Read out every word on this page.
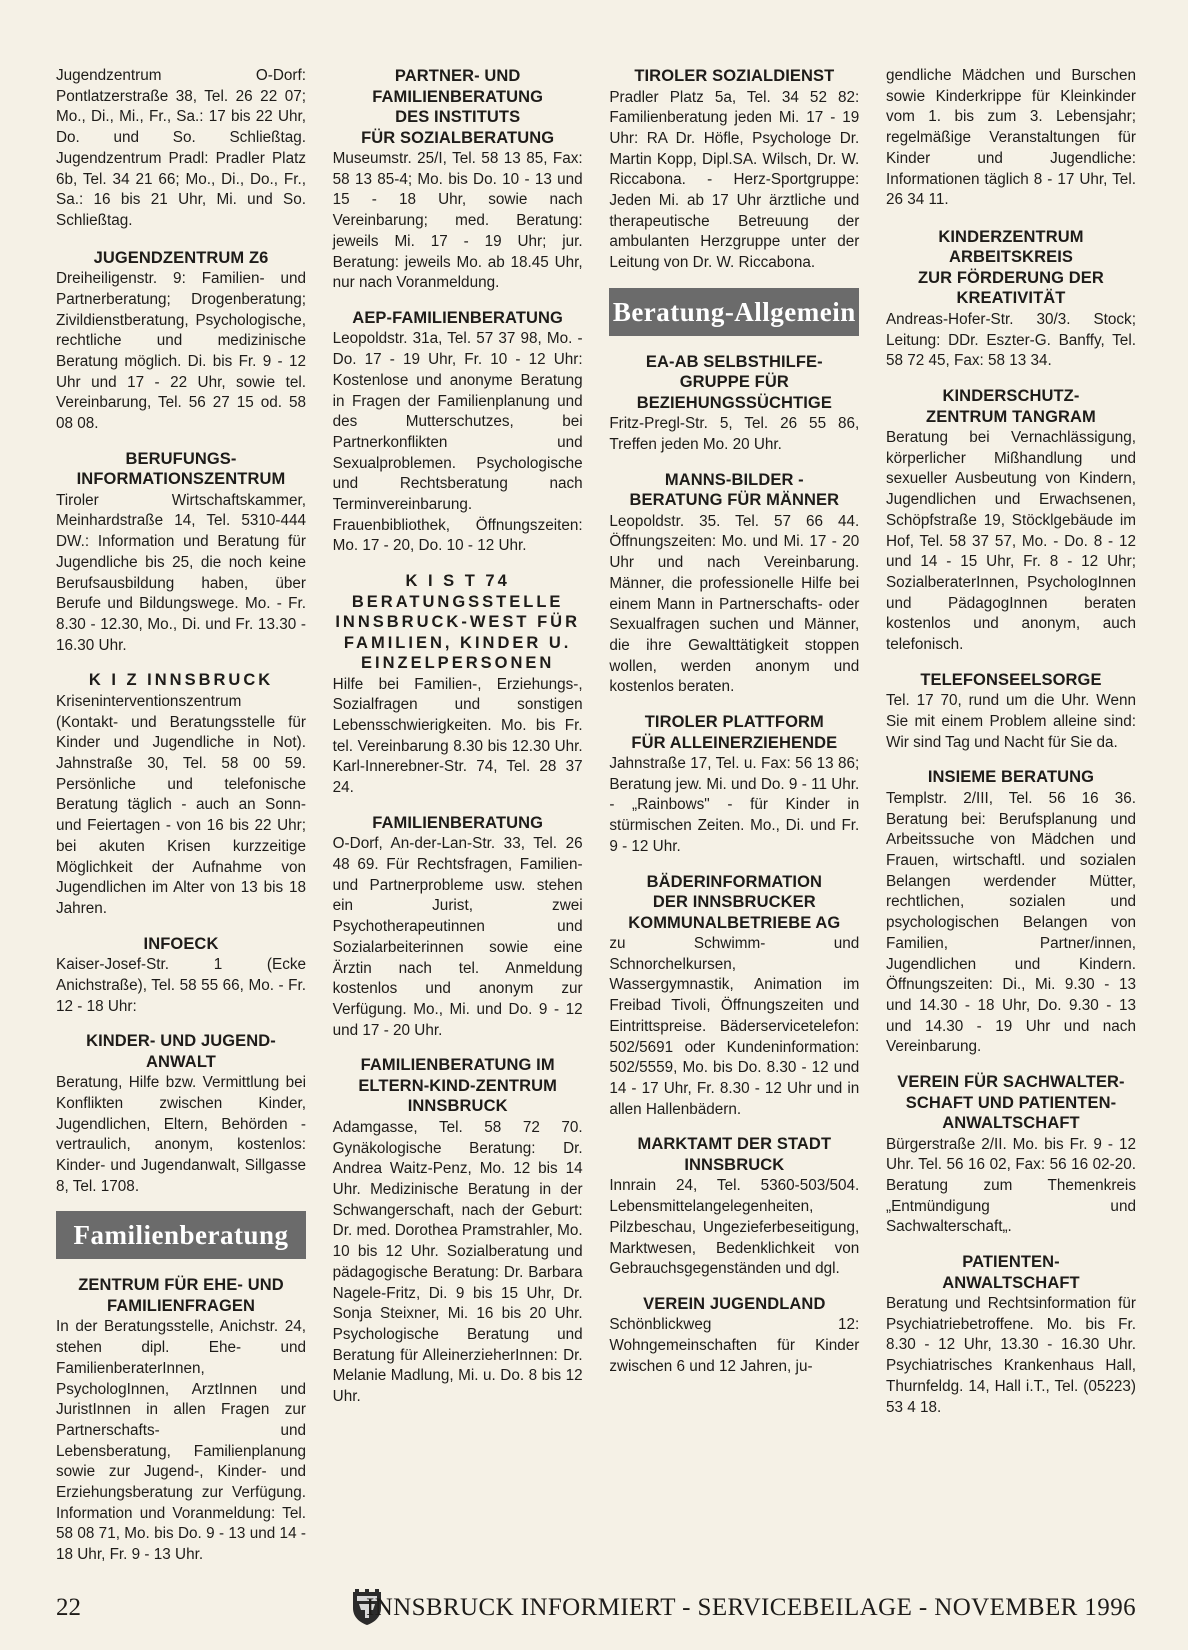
Jugendzentrum O-Dorf: Pontlatzerstraße 38, Tel. 26 22 07; Mo., Di., Mi., Fr., Sa.: 17 bis 22 Uhr, Do. und So. Schließtag. Jugendzentrum Pradl: Pradler Platz 6b, Tel. 34 21 66; Mo., Di., Do., Fr., Sa.: 16 bis 21 Uhr, Mi. und So. Schließtag.

JUGENDZENTRUM Z6

Dreiheiligenstr. 9: Familien- und Partnerberatung; Drogenberatung; Zivildienstberatung, Psychologische, rechtliche und medizinische Beratung möglich. Di. bis Fr. 9 - 12 Uhr und 17 - 22 Uhr, sowie tel. Vereinbarung, Tel. 56 27 15 od. 58 08 08.

BERUFUNGS-
INFORMATIONSZENTRUM

Tiroler Wirtschaftskammer, Meinhardstraße 14, Tel. 5310-444 DW.: Information und Beratung für Jugendliche bis 25, die noch keine Berufsausbildung haben, über Berufe und Bildungswege. Mo. - Fr. 8.30 - 12.30, Mo., Di. und Fr. 13.30 - 16.30 Uhr.

K I Z INNSBRUCK

Kriseninterventionszentrum (Kontakt- und Beratungsstelle für Kinder und Jugendliche in Not). Jahnstraße 30, Tel. 58 00 59. Persönliche und telefonische Beratung täglich - auch an Sonn- und Feiertagen - von 16 bis 22 Uhr; bei akuten Krisen kurzzeitige Möglichkeit der Aufnahme von Jugendlichen im Alter von 13 bis 18 Jahren.

INFOECK

Kaiser-Josef-Str. 1 (Ecke Anichstraße), Tel. 58 55 66, Mo. - Fr. 12 - 18 Uhr:

KINDER- UND JUGEND-
ANWALT

Beratung, Hilfe bzw. Vermittlung bei Konflikten zwischen Kinder, Jugendlichen, Eltern, Behörden - vertraulich, anonym, kostenlos: Kinder- und Jugendanwalt, Sillgasse 8, Tel. 1708.

Familienberatung
ZENTRUM FÜR EHE- UND
FAMILIENFRAGEN

In der Beratungsstelle, Anichstr. 24, stehen dipl. Ehe- und FamilienberaterInnen, PsychologInnen, ArztInnen und JuristInnen in allen Fragen zur Partnerschafts- und Lebensberatung, Familienplanung sowie zur Jugend-, Kinder- und Erziehungsberatung zur Verfügung. Information und Voranmeldung: Tel. 58 08 71, Mo. bis Do. 9 - 13 und 14 - 18 Uhr, Fr. 9 - 13 Uhr.

PARTNER- UND
FAMILIENBERATUNG
DES INSTITUTS
FÜR SOZIALBERATUNG

Museumstr. 25/I, Tel. 58 13 85, Fax: 58 13 85-4; Mo. bis Do. 10 - 13 und 15 - 18 Uhr, sowie nach Vereinbarung; med. Beratung: jeweils Mi. 17 - 19 Uhr; jur. Beratung: jeweils Mo. ab 18.45 Uhr, nur nach Voranmeldung.

AEP-FAMILIENBERATUNG

Leopoldstr. 31a, Tel. 57 37 98, Mo. - Do. 17 - 19 Uhr, Fr. 10 - 12 Uhr: Kostenlose und anonyme Beratung in Fragen der Familienplanung und des Mutterschutzes, bei Partnerkonflikten und Sexualproblemen. Psychologische und Rechtsberatung nach Terminvereinbarung. Frauenbibliothek, Öffnungszeiten: Mo. 17 - 20, Do. 10 - 12 Uhr.

K I S T 74
BERATUNGSSTELLE
INNSBRUCK-WEST FÜR
FAMILIEN, KINDER U.
EINZELPERSONEN

Hilfe bei Familien-, Erziehungs-, Sozialfragen und sonstigen Lebensschwierigkeiten. Mo. bis Fr. tel. Vereinbarung 8.30 bis 12.30 Uhr. Karl-Innerebner-Str. 74, Tel. 28 37 24.

FAMILIENBERATUNG

O-Dorf, An-der-Lan-Str. 33, Tel. 26 48 69. Für Rechtsfragen, Familien- und Partnerprobleme usw. stehen ein Jurist, zwei Psychotherapeutinnen und Sozialarbeiterinnen sowie eine Ärztin nach tel. Anmeldung kostenlos und anonym zur Verfügung. Mo., Mi. und Do. 9 - 12 und 17 - 20 Uhr.

FAMILIENBERATUNG IM
ELTERN-KIND-ZENTRUM
INNSBRUCK

Adamgasse, Tel. 58 72 70. Gynäkologische Beratung: Dr. Andrea Waitz-Penz, Mo. 12 bis 14 Uhr. Medizinische Beratung in der Schwangerschaft, nach der Geburt: Dr. med. Dorothea Pramstrahler, Mo. 10 bis 12 Uhr. Sozialberatung und pädagogische Beratung: Dr. Barbara Nagele-Fritz, Di. 9 bis 15 Uhr, Dr. Sonja Steixner, Mi. 16 bis 20 Uhr. Psychologische Beratung und Beratung für AlleinerzieherInnen: Dr. Melanie Madlung, Mi. u. Do. 8 bis 12 Uhr.

TIROLER SOZIALDIENST

Pradler Platz 5a, Tel. 34 52 82: Familienberatung jeden Mi. 17 - 19 Uhr: RA Dr. Höfle, Psychologe Dr. Martin Kopp, Dipl.SA. Wilsch, Dr. W. Riccabona. - Herz-Sportgruppe: Jeden Mi. ab 17 Uhr ärztliche und therapeutische Betreuung der ambulanten Herzgruppe unter der Leitung von Dr. W. Riccabona.

Beratung-Allgemein
EA-AB SELBSTHILFE-
GRUPPE FÜR
BEZIEHUNGSSÜCHTIGE

Fritz-Pregl-Str. 5, Tel. 26 55 86, Treffen jeden Mo. 20 Uhr.

MANNS-BILDER -
BERATUNG FÜR MÄNNER

Leopoldstr. 35. Tel. 57 66 44. Öffnungszeiten: Mo. und Mi. 17 - 20 Uhr und nach Vereinbarung. Männer, die professionelle Hilfe bei einem Mann in Partnerschafts- oder Sexualfragen suchen und Männer, die ihre Gewalttätigkeit stoppen wollen, werden anonym und kostenlos beraten.

TIROLER PLATTFORM
FÜR ALLEINERZIEHENDE

Jahnstraße 17, Tel. u. Fax: 56 13 86; Beratung jew. Mi. und Do. 9 - 11 Uhr. - „Rainbows" - für Kinder in stürmischen Zeiten. Mo., Di. und Fr. 9 - 12 Uhr.

BÄDERINFORMATION
DER INNSBRUCKER
KOMMUNALBETRIEBE AG

zu Schwimm- und Schnorchelkursen, Wassergymnastik, Animation im Freibad Tivoli, Öffnungszeiten und Eintrittspreise. Bäderservicetelefon: 502/5691 oder Kundeninformation: 502/5559, Mo. bis Do. 8.30 - 12 und 14 - 17 Uhr, Fr. 8.30 - 12 Uhr und in allen Hallenbädern.

MARKTAMT DER STADT
INNSBRUCK

Innrain 24, Tel. 5360-503/504. Lebensmittelangelegenheiten, Pilzbeschau, Ungezieferbeseitigung, Marktwesen, Bedenklichkeit von Gebrauchsgegenständen und dgl.

VEREIN JUGENDLAND

Schönblickweg 12: Wohngemeinschaften für Kinder zwischen 6 und 12 Jahren, ju-

gendliche Mädchen und Burschen sowie Kinderkrippe für Kleinkinder vom 1. bis zum 3. Lebensjahr; regelmäßige Veranstaltungen für Kinder und Jugendliche: Informationen täglich 8 - 17 Uhr, Tel. 26 34 11.

KINDERZENTRUM
ARBEITSKREIS
ZUR FÖRDERUNG DER
KREATIVITÄT

Andreas-Hofer-Str. 30/3. Stock; Leitung: DDr. Eszter-G. Banffy, Tel. 58 72 45, Fax: 58 13 34.

KINDERSCHUTZ-
ZENTRUM TANGRAM

Beratung bei Vernachlässigung, körperlicher Mißhandlung und sexueller Ausbeutung von Kindern, Jugendlichen und Erwachsenen, Schöpfstraße 19, Stöcklgebäude im Hof, Tel. 58 37 57, Mo. - Do. 8 - 12 und 14 - 15 Uhr, Fr. 8 - 12 Uhr; SozialberaterInnen, PsychologInnen und PädagogInnen beraten kostenlos und anonym, auch telefonisch.

TELEFONSEELSORGE

Tel. 17 70, rund um die Uhr. Wenn Sie mit einem Problem alleine sind: Wir sind Tag und Nacht für Sie da.

INSIEME BERATUNG

Templstr. 2/III, Tel. 56 16 36. Beratung bei: Berufsplanung und Arbeitssuche von Mädchen und Frauen, wirtschaftl. und sozialen Belangen werdender Mütter, rechtlichen, sozialen und psychologischen Belangen von Familien, Partner/innen, Jugendlichen und Kindern. Öffnungszeiten: Di., Mi. 9.30 - 13 und 14.30 - 18 Uhr, Do. 9.30 - 13 und 14.30 - 19 Uhr und nach Vereinbarung.

VEREIN FÜR SACHWALTER-
SCHAFT UND PATIENTEN-
ANWALTSCHAFT

Bürgerstraße 2/II. Mo. bis Fr. 9 - 12 Uhr. Tel. 56 16 02, Fax: 56 16 02-20. Beratung zum Themenkreis „Entmündigung und Sachwalterschaft„.

PATIENTEN-
ANWALTSCHAFT

Beratung und Rechtsinformation für Psychiatriebetroffene. Mo. bis Fr. 8.30 - 12 Uhr, 13.30 - 16.30 Uhr. Psychiatrisches Krankenhaus Hall, Thurnfeldg. 14, Hall i.T., Tel. (05223) 53 4 18.

22	INNSBRUCK INFORMIERT - SERVICEBEILAGE - NOVEMBER 1996
